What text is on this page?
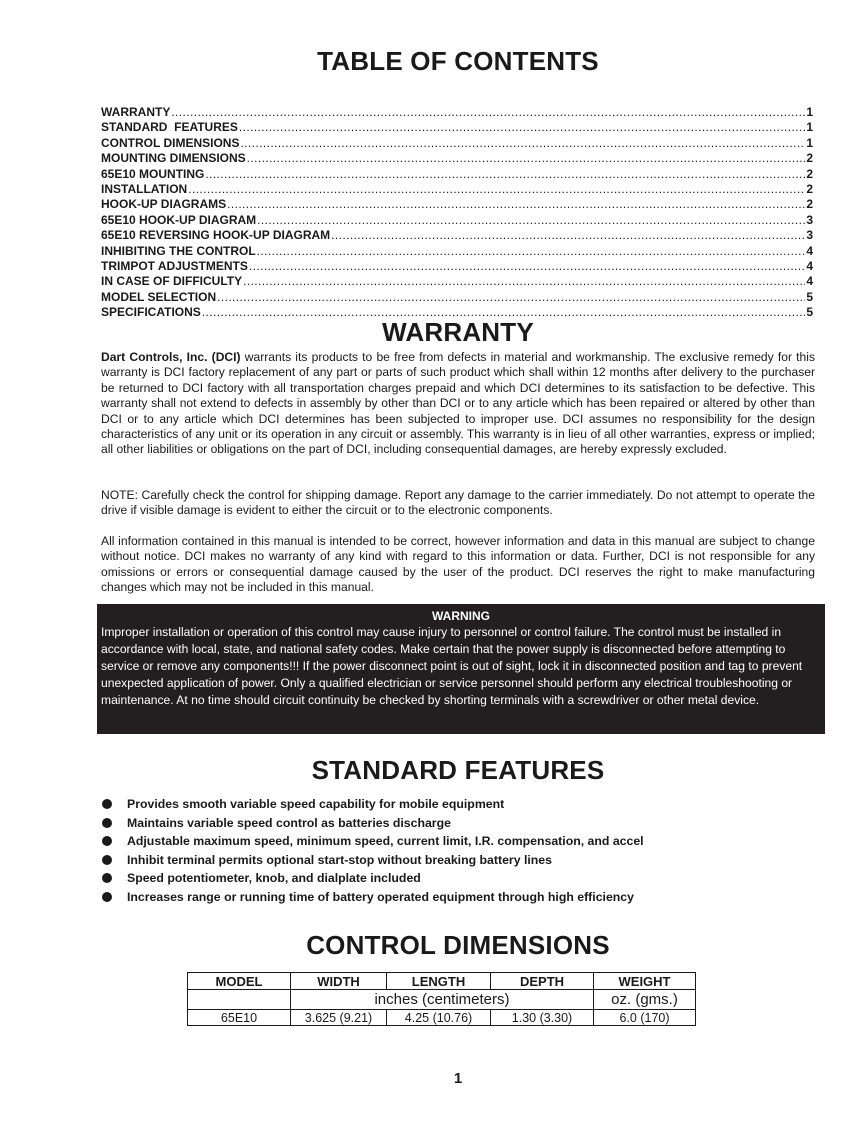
TABLE OF CONTENTS
WARRANTY .....	1
STANDARD  FEATURES .....	1
CONTROL DIMENSIONS .....	1
MOUNTING DIMENSIONS .....	2
65E10 MOUNTING .....	2
INSTALLATION .....	2
HOOK-UP DIAGRAMS .....	2
65E10 HOOK-UP DIAGRAM .....	3
65E10 REVERSING HOOK-UP DIAGRAM .....	3
INHIBITING THE CONTROL .....	4
TRIMPOT ADJUSTMENTS .....	4
IN CASE OF DIFFICULTY .....	4
MODEL SELECTION .....	5
SPECIFICATIONS .....	5
WARRANTY

Dart Controls, Inc. (DCI) warrants its products to be free from defects in material and workmanship. The exclusive remedy for this warranty is DCI factory replacement of any part or parts of such product which shall within 12 months after delivery to the purchaser be returned to DCI factory with all transportation charges prepaid and which DCI determines to its satisfaction to be defective. This warranty shall not extend to defects in assembly by other than DCI or to any article which has been repaired or altered by other than DCI or to any article which DCI determines has been subjected to improper use. DCI assumes no responsibility for the design characteristics of any unit or its operation in any circuit or assembly. This warranty is in lieu of all other warranties, express or implied; all other liabilities or obligations on the part of DCI, including consequential damages, are hereby expressly excluded.

NOTE: Carefully check the control for shipping damage. Report any damage to the carrier immediately. Do not attempt to operate the drive if visible damage is evident to either the circuit or to the electronic components.

All information contained in this manual is intended to be correct, however information and data in this manual are subject to change without notice. DCI makes no warranty of any kind with regard to this information or data. Further, DCI is not responsible for any omissions or errors or consequential damage caused by the user of the product. DCI reserves the right to make manufacturing changes which may not be included in this manual.

WARNING
Improper installation or operation of this control may cause injury to personnel or control failure. The control must be installed in accordance with local, state, and national safety codes. Make certain that the power supply is disconnected before attempting to service or remove any components!!! If the power disconnect point is out of sight, lock it in disconnected position and tag to prevent unexpected application of power. Only a qualified electrician or service personnel should perform any electrical troubleshooting or maintenance. At no time should circuit continuity be checked by shorting terminals with a screwdriver or other metal device.
STANDARD FEATURES
Provides smooth variable speed capability for mobile equipment
Maintains variable speed control as batteries discharge
Adjustable maximum speed, minimum speed, current limit, I.R. compensation, and accel
Inhibit terminal permits optional start-stop without breaking battery lines
Speed potentiometer, knob, and dialplate included
Increases range or running time of battery operated equipment through high efficiency
CONTROL DIMENSIONS
MODEL	WIDTH	LENGTH	DEPTH	WEIGHT
	inches (centimeters)			oz. (gms.)
65E10	3.625 (9.21)	4.25 (10.76)	1.30 (3.30)	6.0 (170)
1
